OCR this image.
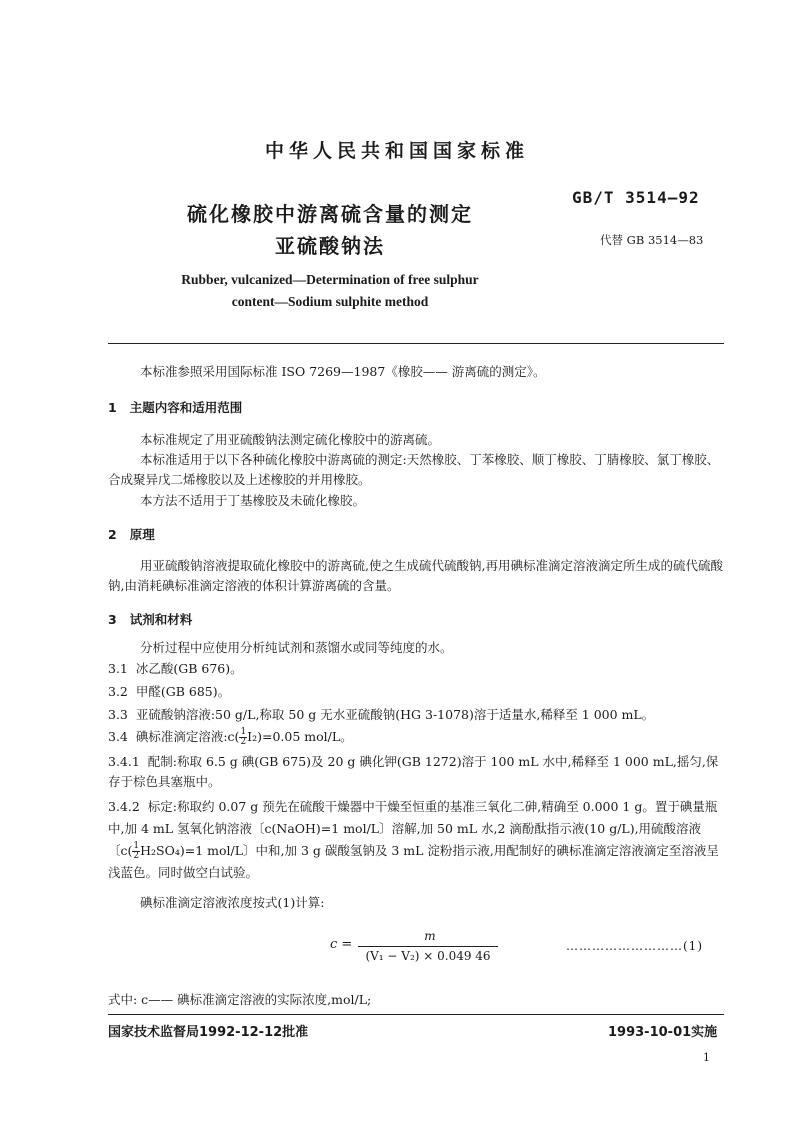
中华人民共和国国家标准
GB/T 3514—92
硫化橡胶中游离硫含量的测定
亚硫酸钠法	代替 GB 3514—83
Rubber, vulcanized—Determination of free sulphur
content—Sodium sulphite method
本标准参照采用国际标准 ISO 7269—1987《橡胶—— 游离硫的测定》。
1 主题内容和适用范围
本标准规定了用亚硫酸钠法测定硫化橡胶中的游离硫。
本标准适用于以下各种硫化橡胶中游离硫的测定:天然橡胶、丁苯橡胶、顺丁橡胶、丁腈橡胶、氯丁橡胶、合成聚异戊二烯橡胶以及上述橡胶的并用橡胶。
本方法不适用于丁基橡胶及未硫化橡胶。
2 原理
用亚硫酸钠溶液提取硫化橡胶中的游离硫,使之生成硫代硫酸钠,再用碘标准滴定溶液滴定所生成的硫代硫酸钠,由消耗碘标准滴定溶液的体积计算游离硫的含量。
3 试剂和材料
分析过程中应使用分析纯试剂和蒸馏水或同等纯度的水。
3.1 冰乙酸(GB 676)。
3.2 甲醛(GB 685)。
3.3 亚硫酸钠溶液:50 g/L,称取 50 g 无水亚硫酸钠(HG 3-1078)溶于适量水,稀释至 1 000 mL。
3.4 碘标准滴定溶液:c( $\frac{1}{2} I_2)=0.05$ mol/L。
3.4.1 配制:称取 6.5 g 碘(GB 675)及 20 g 碘化钾(GB 1272)溶于 100 mL 水中,稀释至 1 000 mL,摇匀,保存于棕色具塞瓶中。
3.4.2 标定:称取约 0.07 g 预先在硫酸干燥器中干燥至恒重的基准三氧化二砷,精确至 0.000 1 g。置于碘量瓶中,加 4 mL 氢氧化钠溶液〔c(NaOH)=1 mol/L〕溶解,加 50 mL 水,2 滴酚酞指示液(10 g/L),用硫酸溶液〔$c( \frac{1}{2} H_2SO_4)=1$ mol/L〕中和,加 3 g 碳酸氢钠及 3 mL 淀粉指示液,用配制好的碘标准滴定溶液滴定至溶液呈浅蓝色。同时做空白试验。
碘标准滴定溶液浓度按式(1)计算:
c =
m
(V₁ − V₂) × 0.049 46
………………………(1)
式中: c—— 碘标准滴定溶液的实际浓度,mol/L;
国家技术监督局1992-12-12批准	1993-10-01实施
1
